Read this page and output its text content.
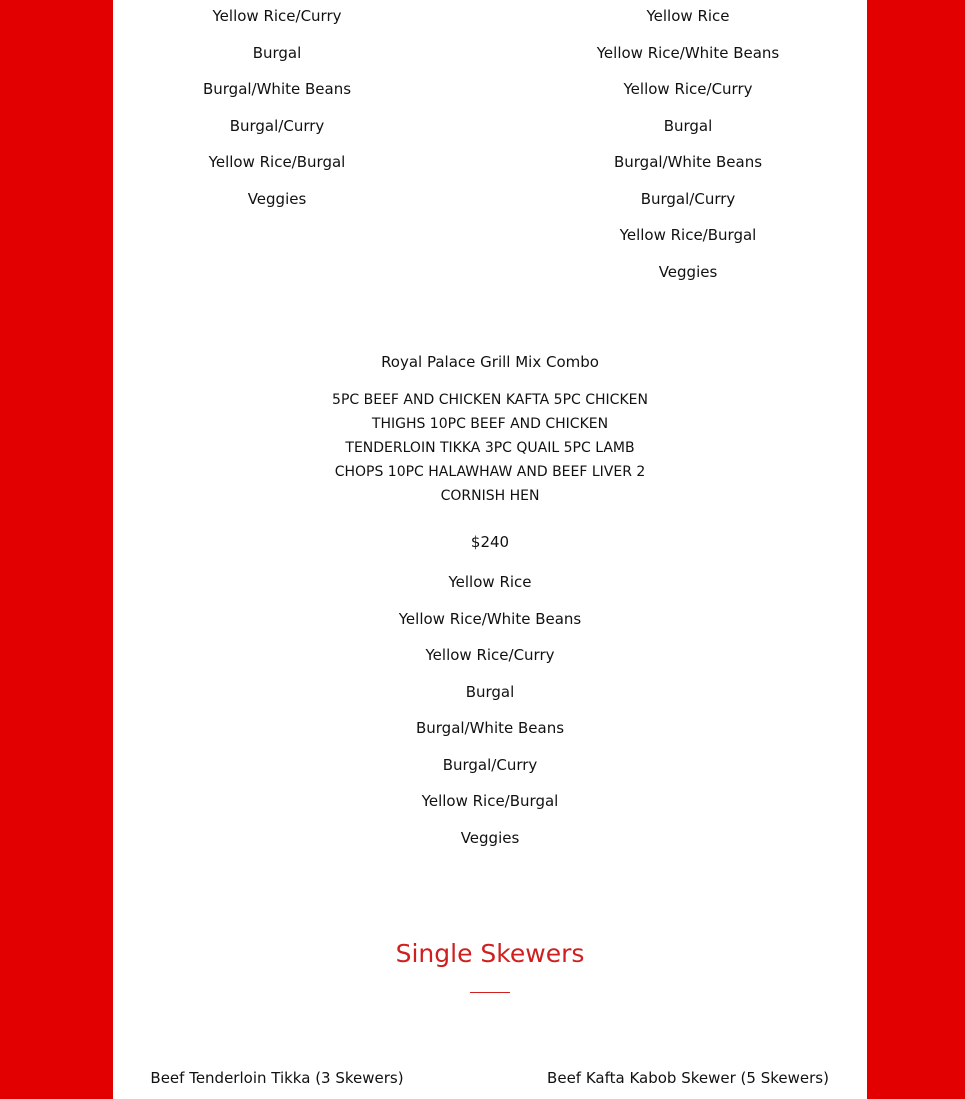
Yellow Rice/Curry
Burgal
Burgal/White Beans
Burgal/Curry
Yellow Rice/Burgal
Veggies
Yellow Rice
Yellow Rice/White Beans
Yellow Rice/Curry
Burgal
Burgal/White Beans
Burgal/Curry
Yellow Rice/Burgal
Veggies
Royal Palace Grill Mix Combo
5PC BEEF AND CHICKEN KAFTA 5PC CHICKEN THIGHS 10PC BEEF AND CHICKEN TENDERLOIN TIKKA 3PC QUAIL 5PC LAMB CHOPS 10PC HALAWHAW AND BEEF LIVER 2 CORNISH HEN
$240
Yellow Rice
Yellow Rice/White Beans
Yellow Rice/Curry
Burgal
Burgal/White Beans
Burgal/Curry
Yellow Rice/Burgal
Veggies
Single Skewers
Beef Tenderloin Tikka (3 Skewers)	Beef Kafta Kabob Skewer (5 Skewers)
